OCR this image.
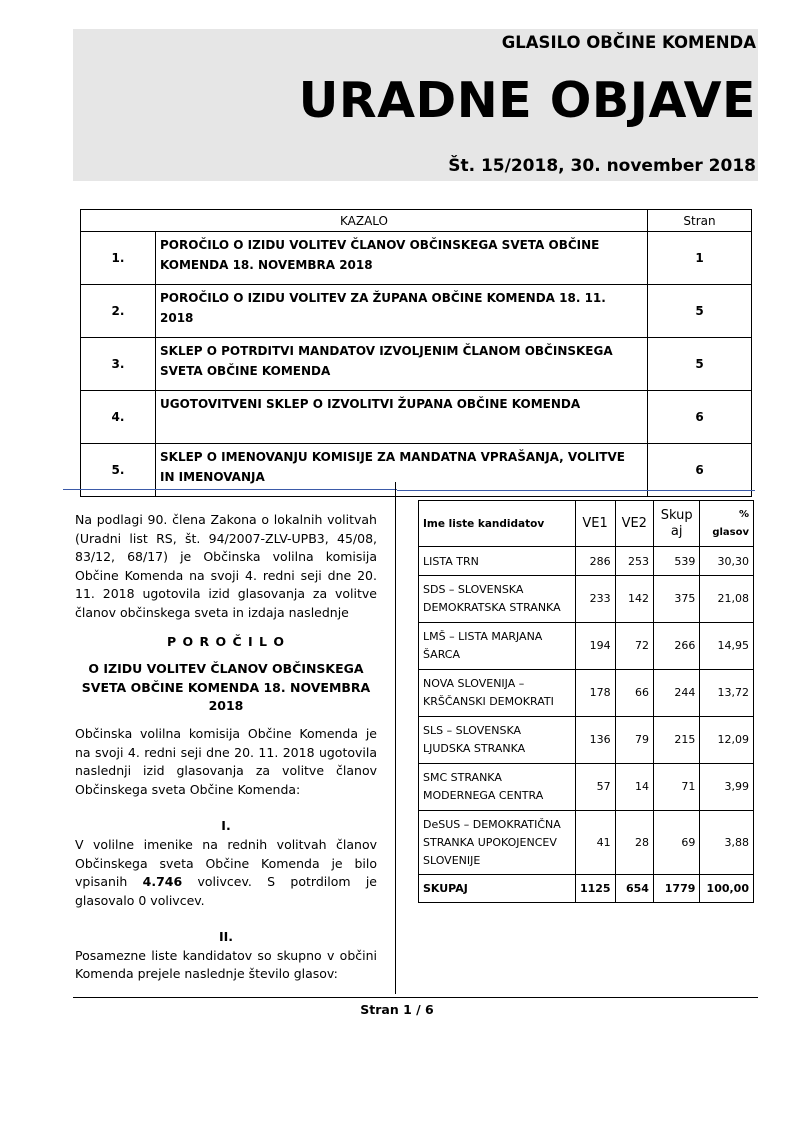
GLASILO OBČINE KOMENDA
URADNE OBJAVE
Št. 15/2018, 30. november 2018
KAZALO		Stran
1.	POROČILO O IZIDU VOLITEV ČLANOV OBČINSKEGA SVETA OBČINE KOMENDA 18. NOVEMBRA 2018	1
2.	POROČILO O IZIDU VOLITEV ZA ŽUPANA OBČINE KOMENDA 18. 11. 2018	5
3.	SKLEP O POTRDITVI MANDATOV IZVOLJENIM ČLANOM OBČINSKEGA SVETA OBČINE KOMENDA	5
4.	UGOTOVITVENI SKLEP O IZVOLITVI ŽUPANA OBČINE KOMENDA	6
5.	SKLEP O IMENOVANJU KOMISIJE ZA MANDATNA VPRAŠANJA, VOLITVE IN IMENOVANJA	6

Na podlagi 90. člena Zakona o lokalnih volitvah (Uradni list RS, št. 94/2007-ZLV-UPB3, 45/08, 83/12, 68/17) je Občinska volilna komisija Občine Komenda na svoji 4. redni seji dne 20. 11. 2018 ugotovila izid glasovanja za volitve članov občinskega sveta in izdaja naslednje

P O R O Č I L O

O IZIDU VOLITEV ČLANOV OBČINSKEGA SVETA OBČINE KOMENDA 18. NOVEMBRA 2018

Občinska volilna komisija Občine Komenda je na svoji 4. redni seji dne 20. 11. 2018 ugotovila naslednji izid glasovanja za volitve članov Občinskega sveta Občine Komenda:

I.

V volilne imenike na rednih volitvah članov Občinskega sveta Občine Komenda je bilo vpisanih 4.746 volivcev. S potrdilom je glasovalo 0 volivcev.

II.

Posamezne liste kandidatov so skupno v občini Komenda prejele naslednje število glasov:

Ime liste kandidatov	VE1	VE2	Skup aj	%
glasov

LISTA TRN	286	253	539	30,30
SDS – SLOVENSKA DEMOKRATSKA STRANKA	233	142	375	21,08
LMŠ – LISTA MARJANA ŠARCA	194	72	266	14,95
NOVA SLOVENIJA – KRŠČANSKI DEMOKRATI	178	66	244	13,72
SLS – SLOVENSKA LJUDSKA STRANKA	136	79	215	12,09
SMC STRANKA MODERNEGA CENTRA	57	14	71	3,99
DeSUS – DEMOKRATIČNA STRANKA UPOKOJENCEV SLOVENIJE	41	28	69	3,88
SKUPAJ	1125	654	1779	100,00
Stran 1 / 6
